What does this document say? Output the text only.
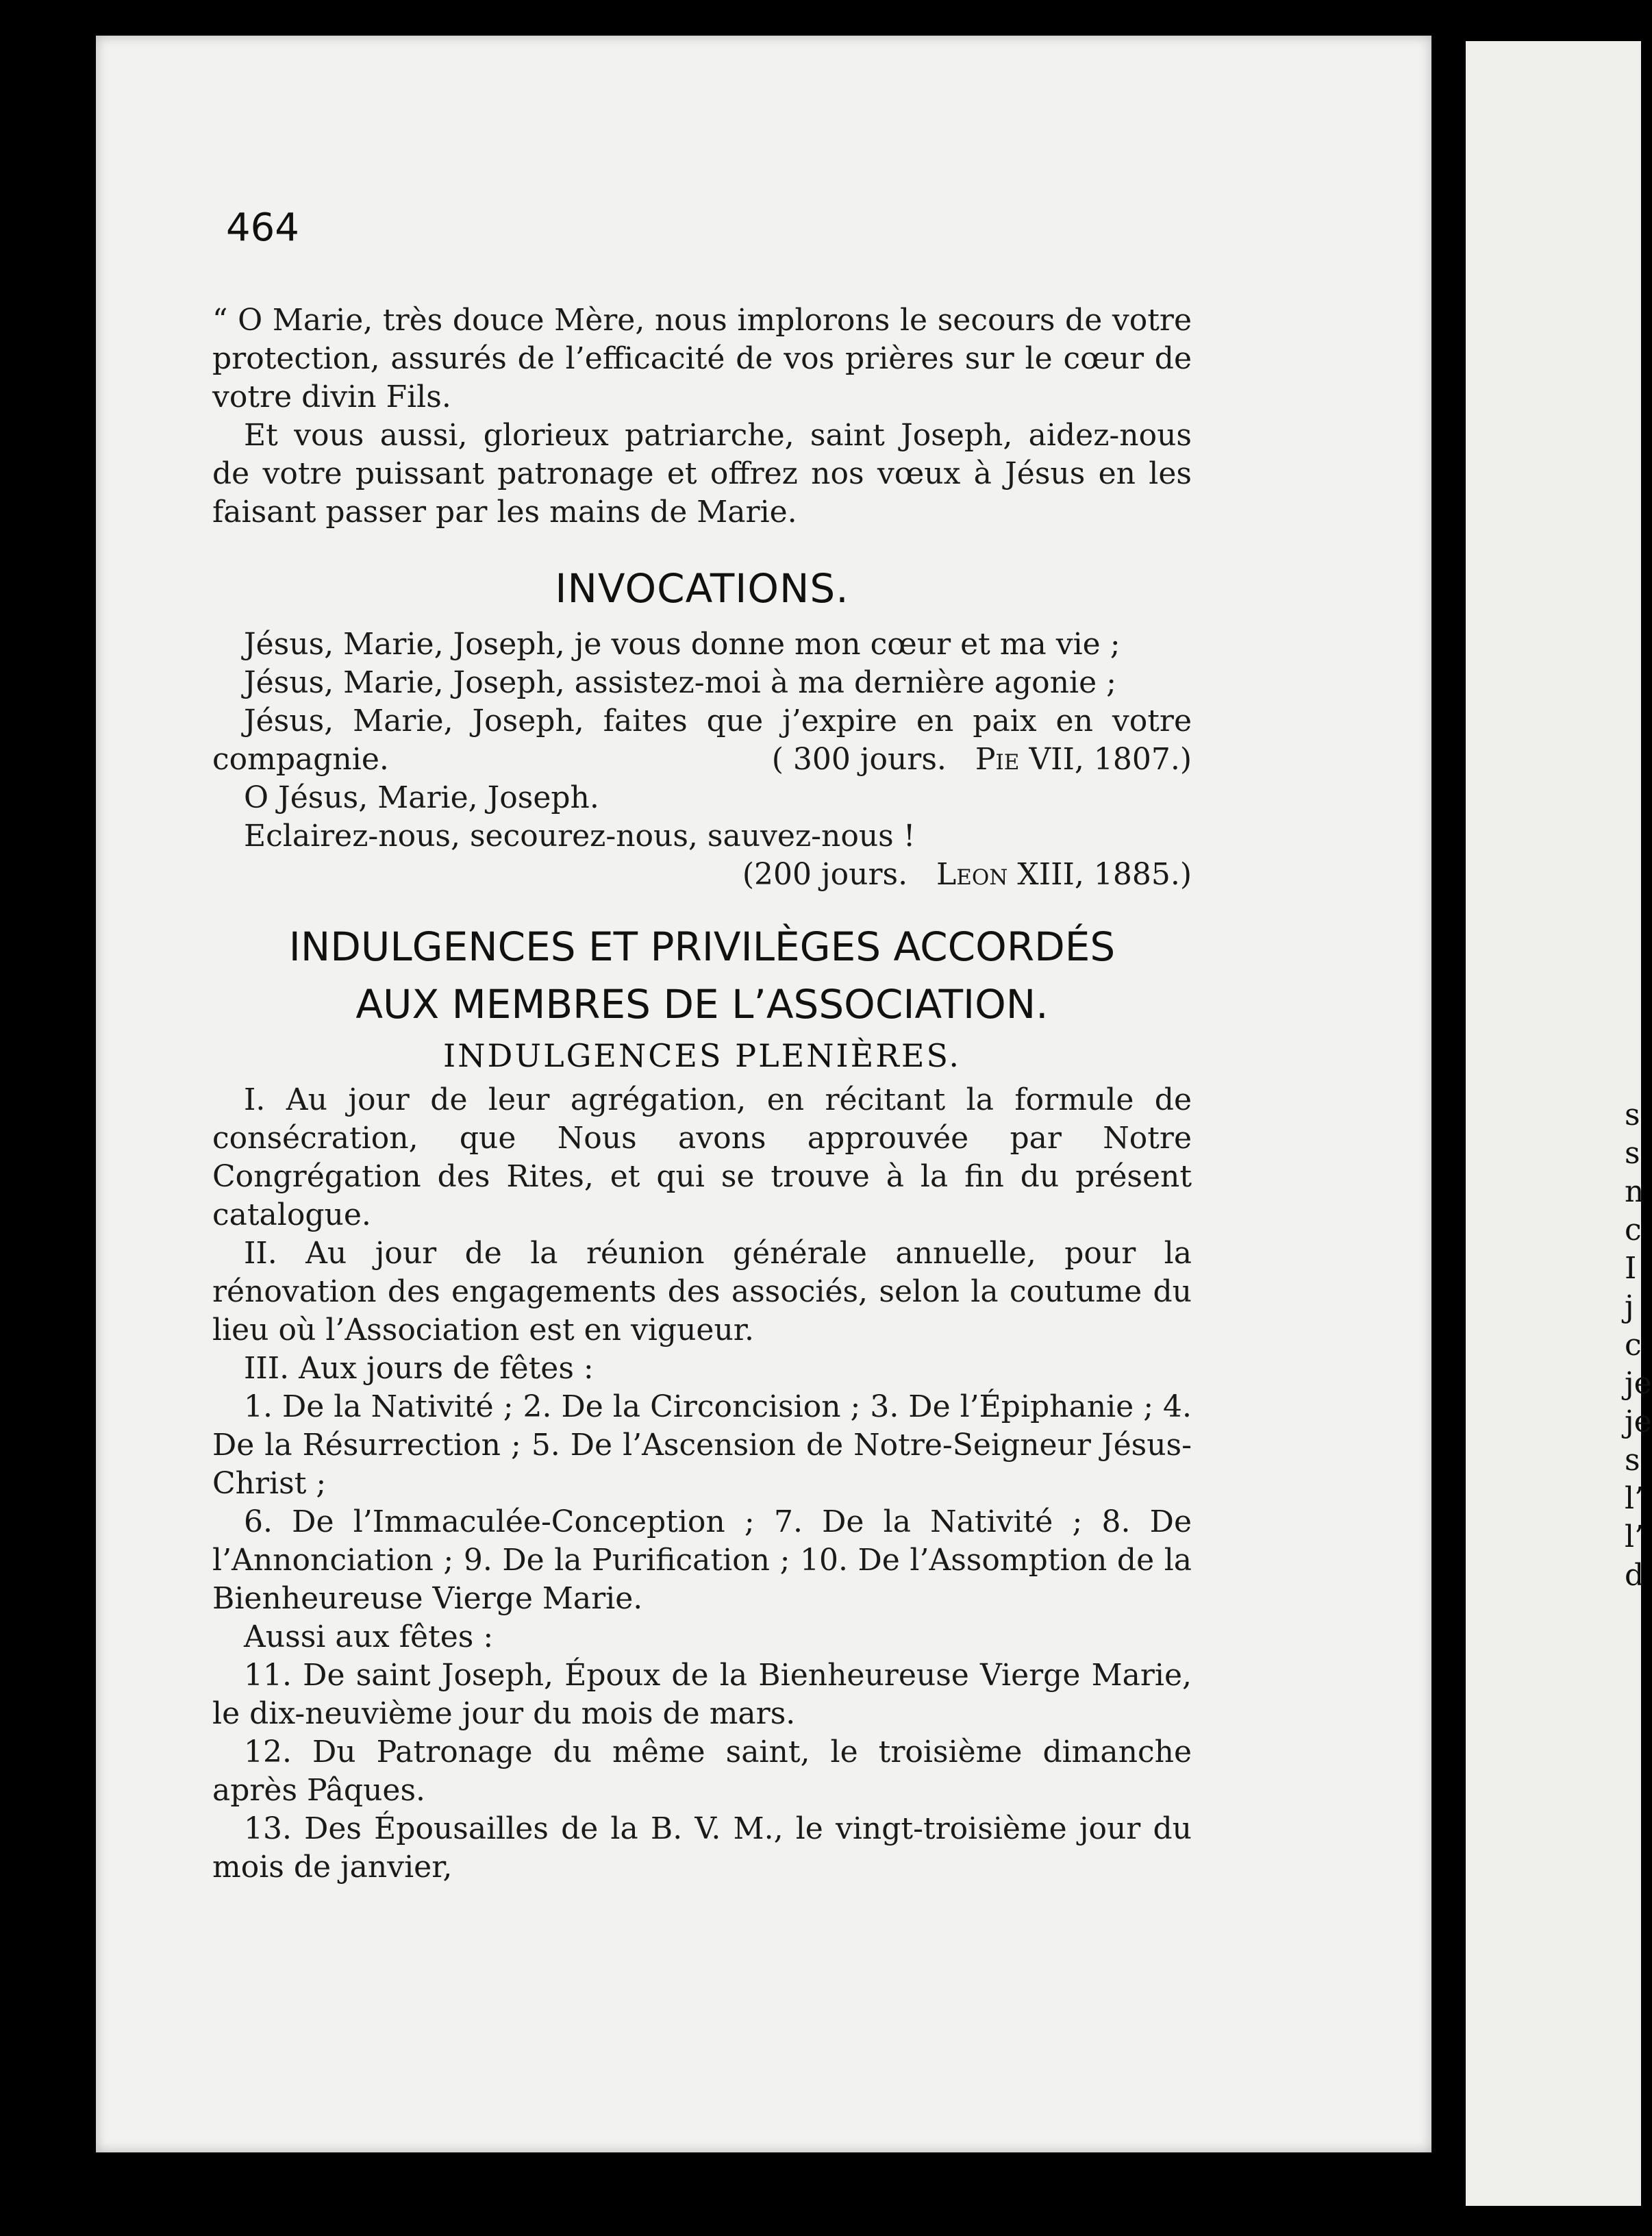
464

“ O Marie, très douce Mère, nous implorons le secours de votre protection, assurés de l’efficacité de vos prières sur le cœur de votre divin Fils.

Et vous aussi, glorieux patriarche, saint Joseph, aidez-nous de votre puissant patronage et offrez nos vœux à Jésus en les faisant passer par les mains de Marie.

INVOCATIONS.

Jésus, Marie, Joseph, je vous donne mon cœur et ma vie ;

Jésus, Marie, Joseph, assistez-moi à ma dernière agonie ;

Jésus, Marie, Joseph, faites que j’expire en paix en votre compagnie.	( 300 jours. Pie VII, 1807.)

O Jésus, Marie, Joseph.

Eclairez-nous, secourez-nous, sauvez-nous !

(200 jours. Leon XIII, 1885.)

INDULGENCES ET PRIVILÈGES ACCORDÉS

AUX MEMBRES DE L’ASSOCIATION.

INDULGENCES PLENIÈRES.

I. Au jour de leur agrégation, en récitant la formule de consécration, que Nous avons approuvée par Notre Congrégation des Rites, et qui se trouve à la fin du présent catalogue.

II. Au jour de la réunion générale annuelle, pour la rénovation des engagements des associés, selon la coutume du lieu où l’Association est en vigueur.

III. Aux jours de fêtes :

1. De la Nativité ; 2. De la Circoncision ; 3. De l’Épiphanie ; 4. De la Résurrection ; 5. De l’Ascension de Notre-Seigneur Jésus-Christ ;

6. De l’Immaculée-Conception ; 7. De la Nativité ; 8. De l’Annonciation ; 9. De la Purification ; 10. De l’Assomption de la Bienheureuse Vierge Marie.

Aussi aux fêtes :

11. De saint Joseph, Époux de la Bienheureuse Vierge Marie, le dix-neuvième jour du mois de mars.

12. Du Patronage du même saint, le troisième dimanche après Pâques.

13. Des Épousailles de la B. V. M., le vingt-troisième jour du mois de janvier,

s
s
n
c
I
j
c
je
je
s
l’
l’
d
